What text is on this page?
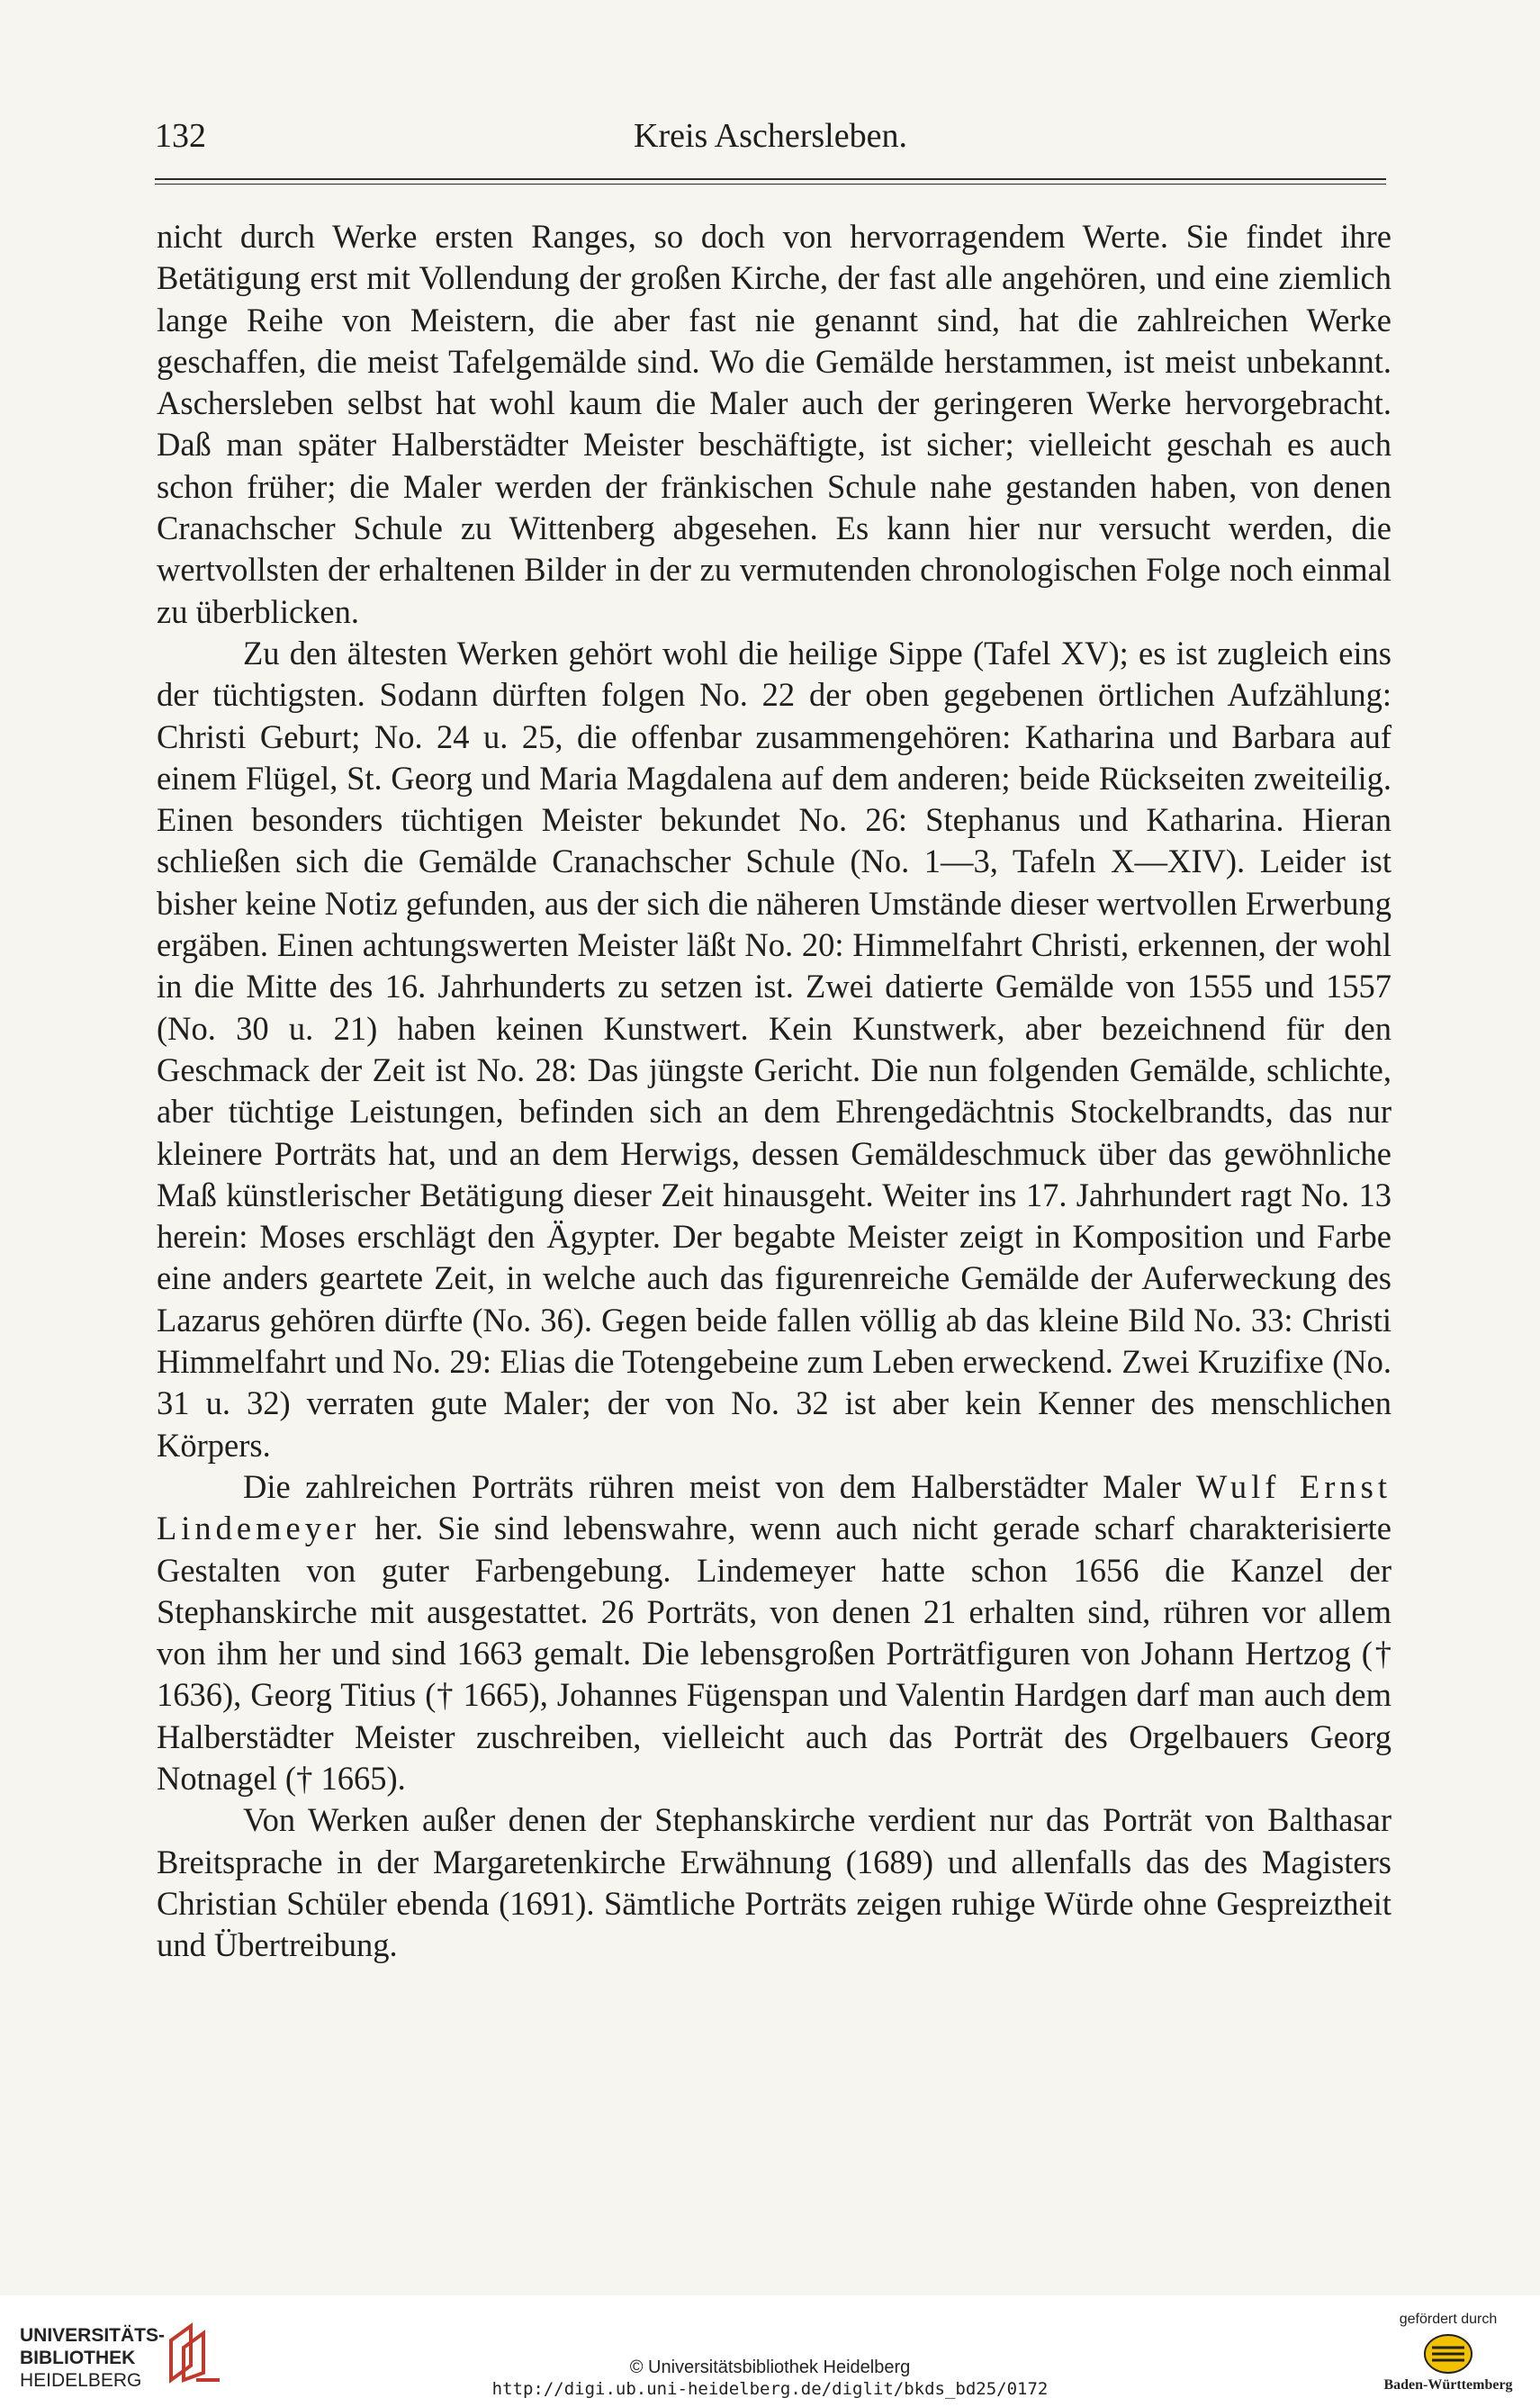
132	Kreis Aschersleben.

nicht durch Werke ersten Ranges, so doch von hervorragendem Werte. Sie findet ihre Betätigung erst mit Vollendung der großen Kirche, der fast alle angehören, und eine ziemlich lange Reihe von Meistern, die aber fast nie genannt sind, hat die zahlreichen Werke geschaffen, die meist Tafelgemälde sind. Wo die Gemälde herstammen, ist meist unbekannt. Aschersleben selbst hat wohl kaum die Maler auch der geringeren Werke hervorgebracht. Daß man später Halberstädter Meister beschäftigte, ist sicher; vielleicht geschah es auch schon früher; die Maler werden der fränkischen Schule nahe gestanden haben, von denen Cranachscher Schule zu Wittenberg abgesehen. Es kann hier nur versucht werden, die wertvollsten der erhaltenen Bilder in der zu vermutenden chronologischen Folge noch einmal zu überblicken.

Zu den ältesten Werken gehört wohl die heilige Sippe (Tafel XV); es ist zugleich eins der tüchtigsten. Sodann dürften folgen No. 22 der oben gegebenen örtlichen Aufzählung: Christi Geburt; No. 24 u. 25, die offenbar zusammengehören: Katharina und Barbara auf einem Flügel, St. Georg und Maria Magdalena auf dem anderen; beide Rückseiten zweiteilig. Einen besonders tüchtigen Meister bekundet No. 26: Stephanus und Katharina. Hieran schließen sich die Gemälde Cranachscher Schule (No. 1—3, Tafeln X—XIV). Leider ist bisher keine Notiz gefunden, aus der sich die näheren Umstände dieser wertvollen Erwerbung ergäben. Einen achtungswerten Meister läßt No. 20: Himmelfahrt Christi, erkennen, der wohl in die Mitte des 16. Jahrhunderts zu setzen ist. Zwei datierte Gemälde von 1555 und 1557 (No. 30 u. 21) haben keinen Kunstwert. Kein Kunstwerk, aber bezeichnend für den Geschmack der Zeit ist No. 28: Das jüngste Gericht. Die nun folgenden Gemälde, schlichte, aber tüchtige Leistungen, befinden sich an dem Ehrengedächtnis Stockelbrandts, das nur kleinere Porträts hat, und an dem Herwigs, dessen Gemäldeschmuck über das gewöhnliche Maß künstlerischer Betätigung dieser Zeit hinausgeht. Weiter ins 17. Jahrhundert ragt No. 13 herein: Moses erschlägt den Ägypter. Der begabte Meister zeigt in Komposition und Farbe eine anders geartete Zeit, in welche auch das figurenreiche Gemälde der Auferweckung des Lazarus gehören dürfte (No. 36). Gegen beide fallen völlig ab das kleine Bild No. 33: Christi Himmelfahrt und No. 29: Elias die Totengebeine zum Leben erweckend. Zwei Kruzifixe (No. 31 u. 32) verraten gute Maler; der von No. 32 ist aber kein Kenner des menschlichen Körpers.

Die zahlreichen Porträts rühren meist von dem Halberstädter Maler Wulf Ernst Lindemeyer her. Sie sind lebenswahre, wenn auch nicht gerade scharf charakterisierte Gestalten von guter Farbengebung. Lindemeyer hatte schon 1656 die Kanzel der Stephanskirche mit ausgestattet. 26 Porträts, von denen 21 erhalten sind, rühren vor allem von ihm her und sind 1663 gemalt. Die lebensgroßen Porträtfiguren von Johann Hertzog († 1636), Georg Titius († 1665), Johannes Fügenspan und Valentin Hardgen darf man auch dem Halberstädter Meister zuschreiben, vielleicht auch das Porträt des Orgelbauers Georg Notnagel († 1665).

Von Werken außer denen der Stephanskirche verdient nur das Porträt von Balthasar Breitsprache in der Margaretenkirche Erwähnung (1689) und allenfalls das des Magisters Christian Schüler ebenda (1691). Sämtliche Porträts zeigen ruhige Würde ohne Gespreiztheit und Übertreibung.

UNIVERSITÄTS-
BIBLIOTHEK
HEIDELBERG
© Universitätsbibliothek Heidelberg
http://digi.ub.uni-heidelberg.de/diglit/bkds_bd25/0172
gefördert durch
Baden-Württemberg
